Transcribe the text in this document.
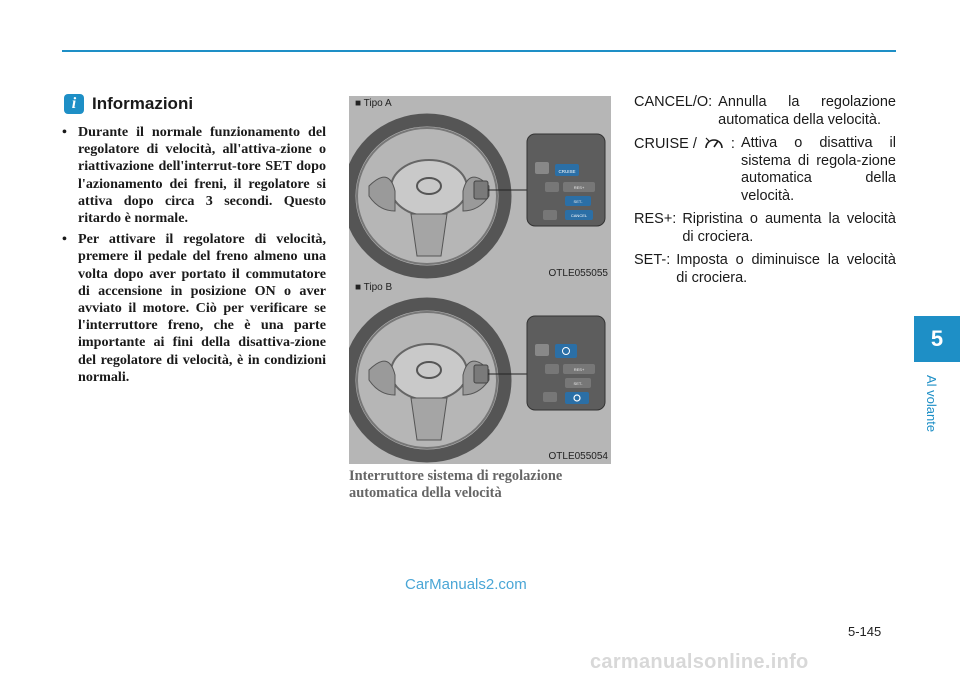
i Informazioni
• Durante il normale funzionamento del regolatore di velocità, all'attiva-zione o riattivazione dell'interrut-tore SET dopo l'azionamento dei freni, il regolatore si attiva dopo circa 3 secondi. Questo ritardo è normale.
• Per attivare il regolatore di velocità, premere il pedale del freno almeno una volta dopo aver portato il commutatore di accensione in posizione ON o aver avviato il motore. Ciò per verificare se l'interruttore freno, che è una parte importante ai fini della disattiva-zione del regolatore di velocità, è in condizioni normali.
CRUISE
RES+
SET-
CANCEL
■ Tipo A
OTLE055055
RES+
SET-
■ Tipo B
OTLE055054
Interruttore sistema di regolazione automatica della velocità
CANCEL/O: Annulla la regolazione automatica della velocità.
CRUISE / : Attiva o disattiva il sistema di regola-zione automatica della velocità.
RES+: Ripristina o aumenta la velocità di crociera.
SET-: Imposta o diminuisce la velocità di crociera.
5
Al volante
5-145
CarManuals2.com
carmanualsonline.info
